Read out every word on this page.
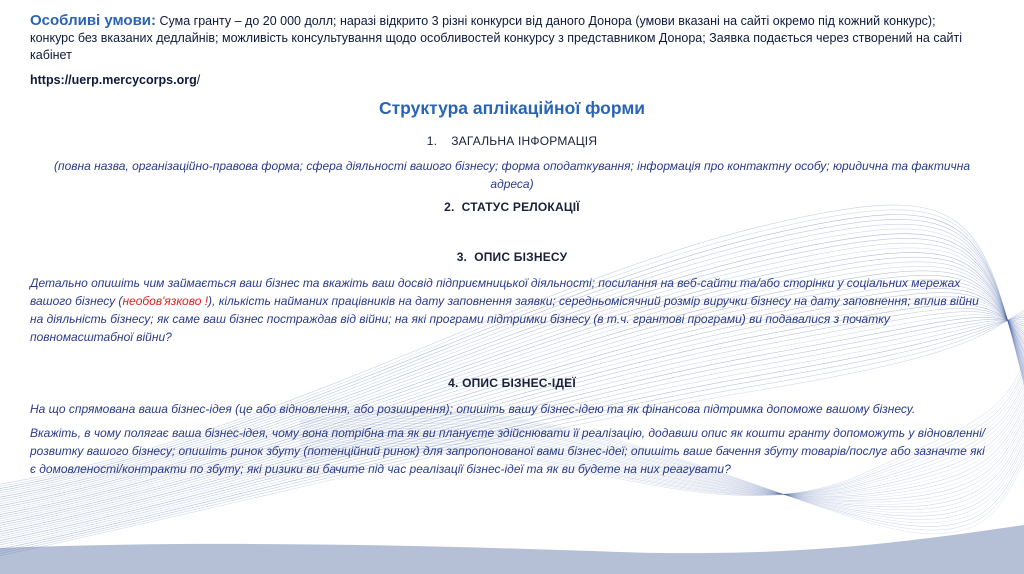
Особливі умови: Сума гранту – до 20 000 долл; наразі відкрито 3 різні конкурси від даного Донора (умови вказані на сайті окремо під кожний конкурс); конкурс без вказаних дедлайнів; можливість консультування щодо особливостей конкурсу з представником Донора; Заявка подається через створений на сайті кабінет
https://uerp.mercycorps.org/
Структура аплікаційної форми
1. ЗАГАЛЬНА ІНФОРМАЦІЯ
(повна назва, організаційно-правова форма; сфера діяльності вашого бізнесу; форма оподаткування; інформація про контактну особу; юридична та фактична адреса)
2. СТАТУС РЕЛОКАЦІЇ
3. ОПИС БІЗНЕСУ
Детально опишіть чим займається ваш бізнес та вкажіть ваш досвід підприємницької діяльності; посилання на веб-сайти та/або сторінки у соціальних мережах вашого бізнесу (необов'язково !), кількість найманих працівників на дату заповнення заявки; середньомісячний розмір виручки бізнесу на дату заповнення; вплив війни на діяльність бізнесу; як саме ваш бізнес постраждав від війни; на які програми підтримки бізнесу (в т.ч. грантові програми) ви подавалися з початку повномасштабної війни?
4. ОПИС БІЗНЕС-ІДЕЇ
На що спрямована ваша бізнес-ідея (це або відновлення, або розширення); опишіть вашу бізнес-ідею та як фінансова підтримка допоможе вашому бізнесу.
Вкажіть, в чому полягає ваша бізнес-ідея, чому вона потрібна та як ви плануєте здійснювати її реалізацію, додавши опис як кошти гранту допоможуть у відновленні/розвитку вашого бізнесу; опишіть ринок збуту (потенційний ринок) для запропонованої вами бізнес-ідеї; опишіть ваше бачення збуту товарів/послуг або зазначте які є домовленості/контракти по збуту; які ризики ви бачите під час реалізації бізнес-ідеї та як ви будете на них реагувати?
